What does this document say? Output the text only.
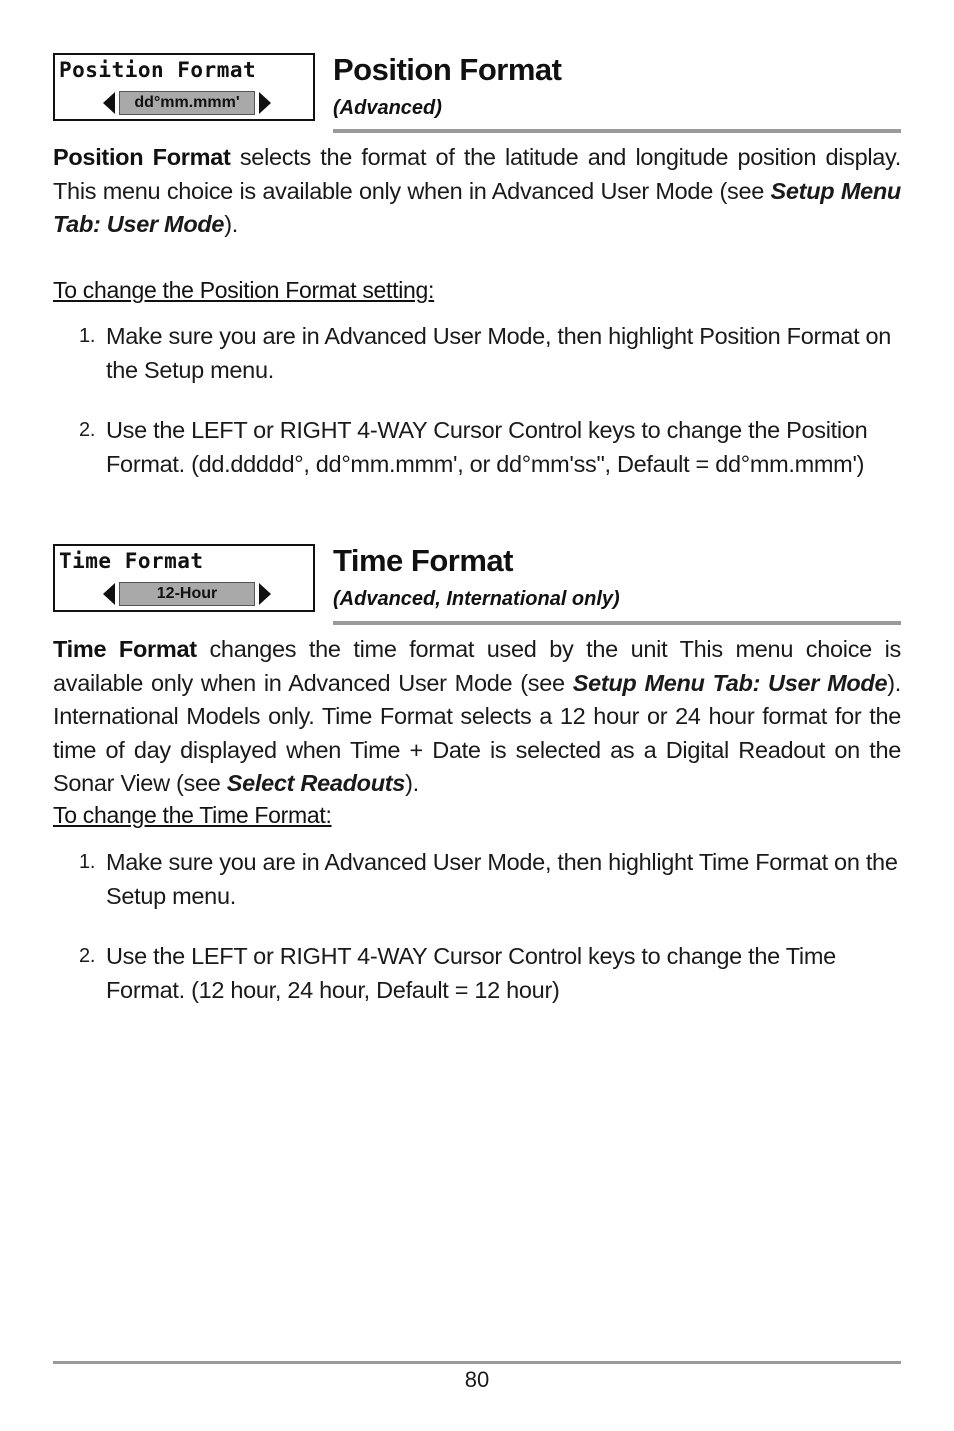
Position Format
dd°mm.mmm'
Position Format
(Advanced)
Position Format selects the format of the latitude and longitude position display. This menu choice is available only when in Advanced User Mode (see Setup Menu Tab: User Mode).
To change the Position Format setting:
1. Make sure you are in Advanced User Mode, then highlight Position Format on the Setup menu.
2. Use the LEFT or RIGHT 4-WAY Cursor Control keys to change the Position Format. (dd.ddddd°, dd°mm.mmm', or dd°mm'ss", Default = dd°mm.mmm')
Time Format
12-Hour
Time Format
(Advanced, International only)
Time Format changes the time format used by the unit This menu choice is available only when in Advanced User Mode (see Setup Menu Tab: User Mode). International Models only. Time Format selects a 12 hour or 24 hour format for the time of day displayed when Time + Date is selected as a Digital Readout on the Sonar View (see Select Readouts).
To change the Time Format:
1. Make sure you are in Advanced User Mode, then highlight Time Format on the Setup menu.
2. Use the LEFT or RIGHT 4-WAY Cursor Control keys to change the Time Format. (12 hour, 24 hour, Default = 12 hour)
80
